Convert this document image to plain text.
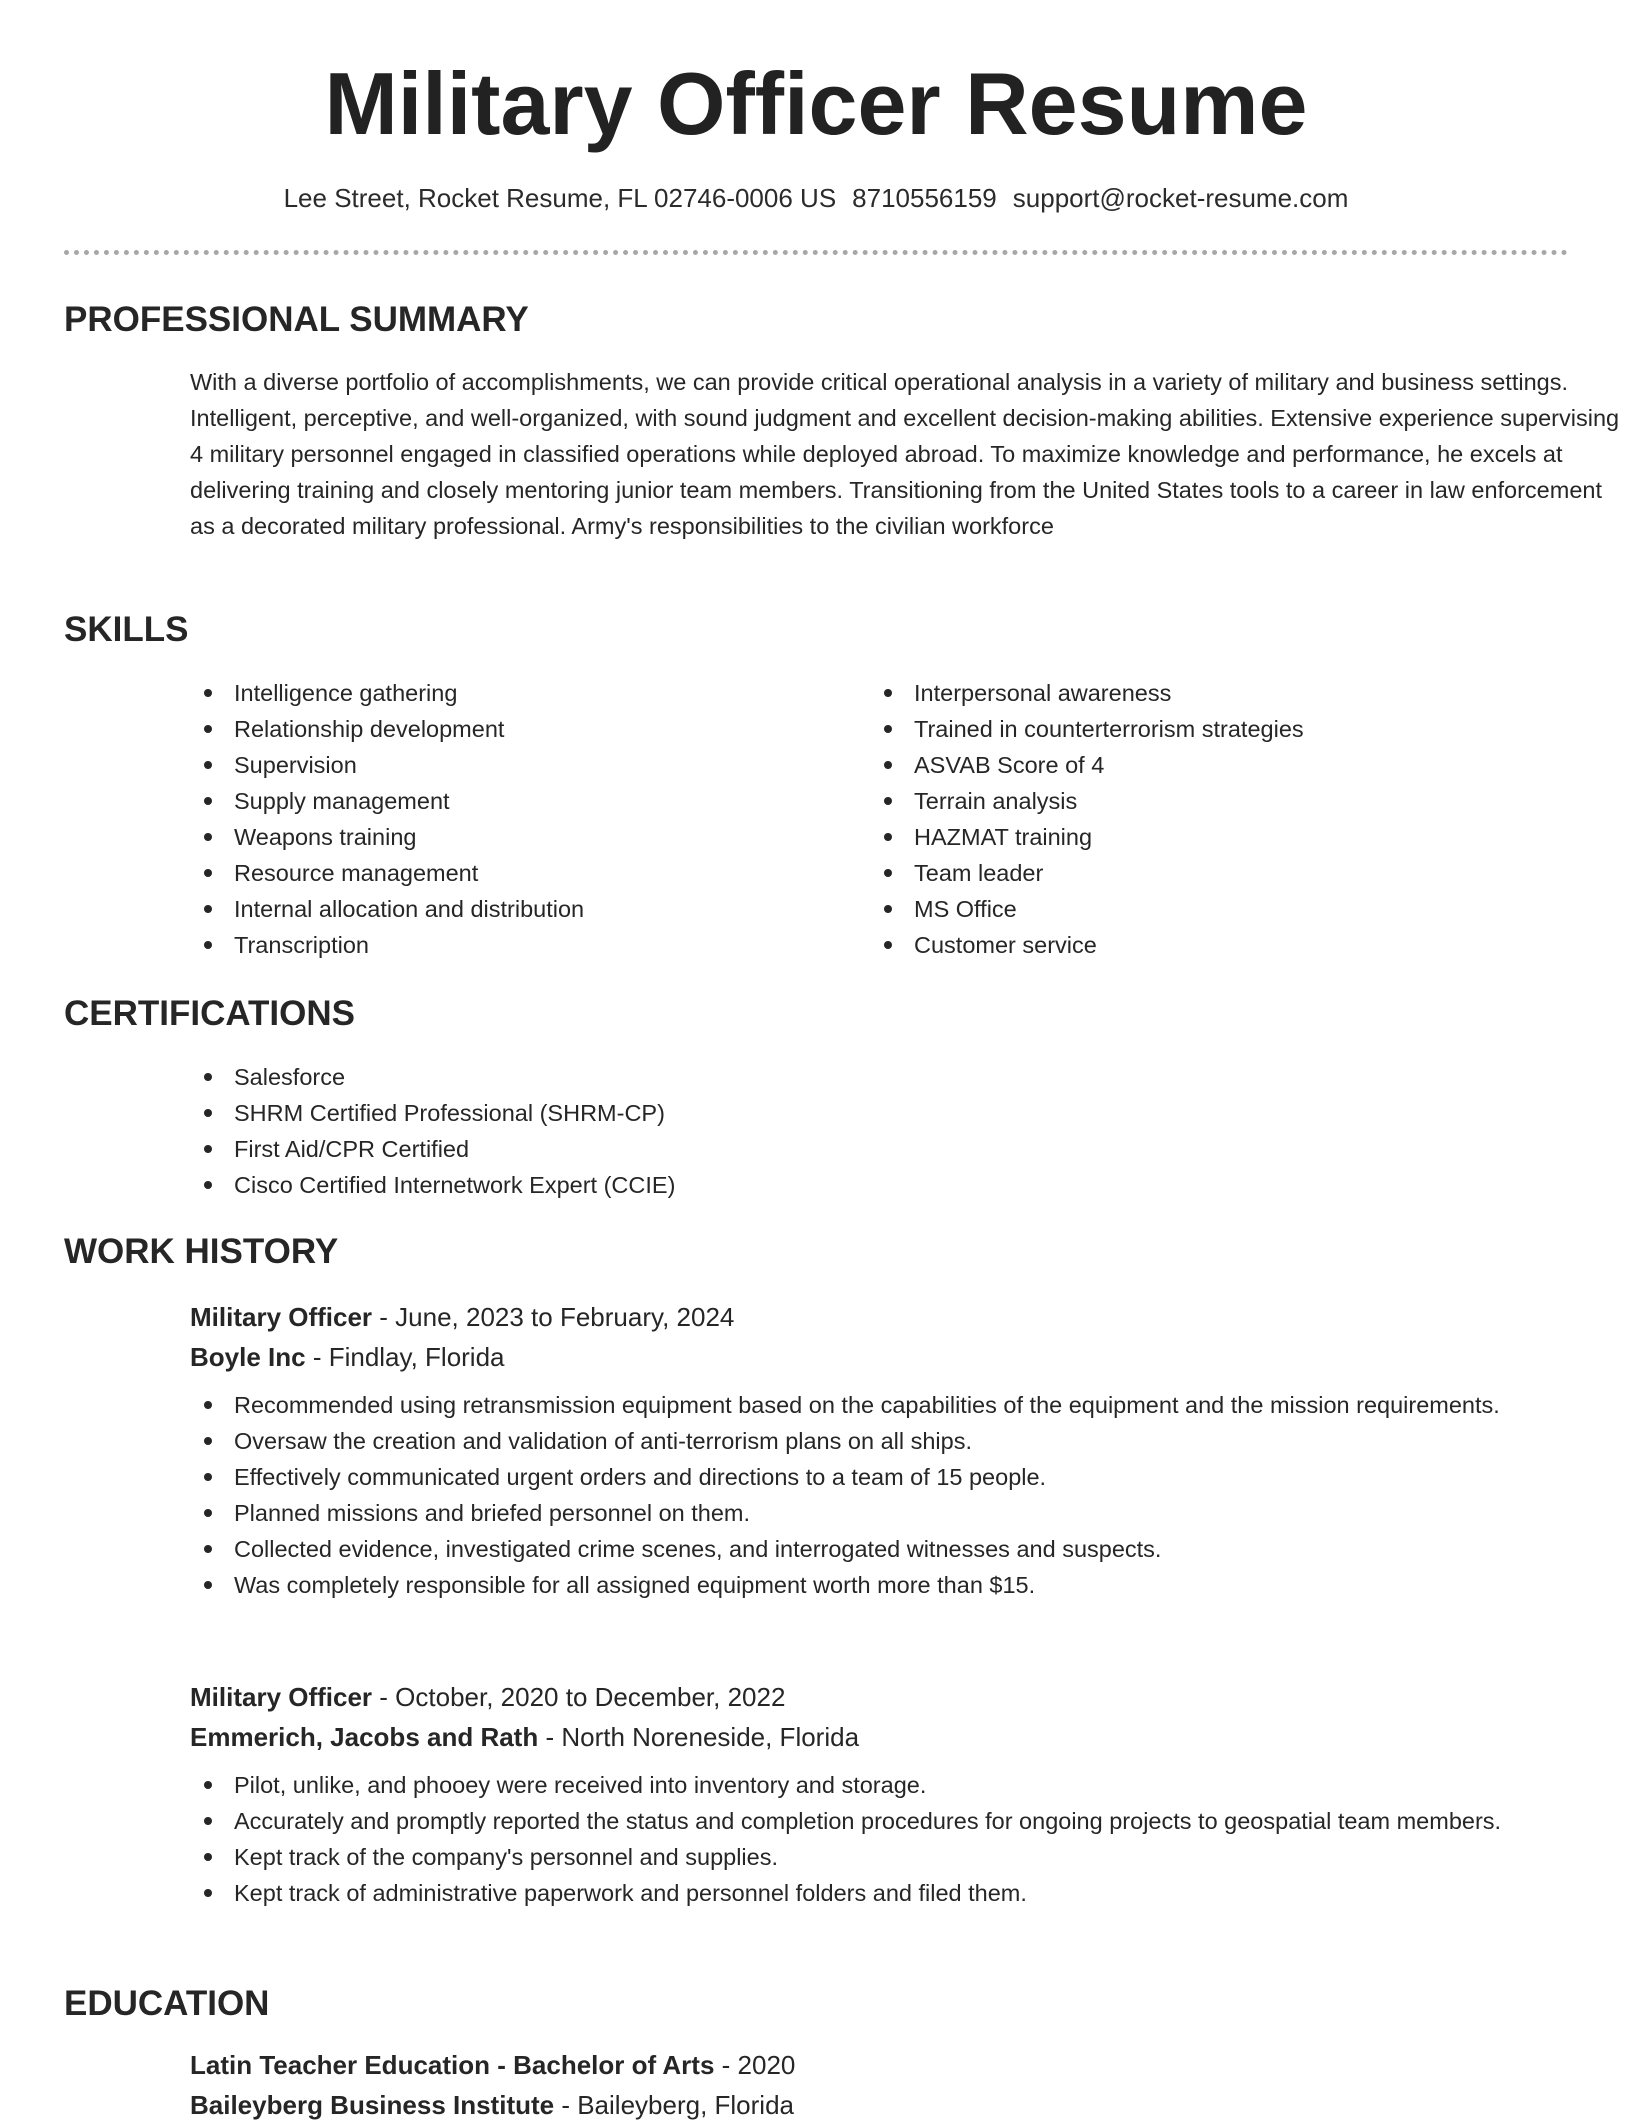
Military Officer Resume
Lee Street, Rocket Resume, FL 02746-0006 US 8710556159 support@rocket-resume.com
PROFESSIONAL SUMMARY

With a diverse portfolio of accomplishments, we can provide critical operational analysis in a variety of military and business settings. Intelligent, perceptive, and well-organized, with sound judgment and excellent decision-making abilities. Extensive experience supervising 4 military personnel engaged in classified operations while deployed abroad. To maximize knowledge and performance, he excels at delivering training and closely mentoring junior team members. Transitioning from the United States tools to a career in law enforcement as a decorated military professional. Army's responsibilities to the civilian workforce

SKILLS
Intelligence gathering
Relationship development
Supervision
Supply management
Weapons training
Resource management
Internal allocation and distribution
Transcription
Interpersonal awareness
Trained in counterterrorism strategies
ASVAB Score of 4
Terrain analysis
HAZMAT training
Team leader
MS Office
Customer service
CERTIFICATIONS
Salesforce
SHRM Certified Professional (SHRM-CP)
First Aid/CPR Certified
Cisco Certified Internetwork Expert (CCIE)
WORK HISTORY
Military Officer - June, 2023 to February, 2024
Boyle Inc - Findlay, Florida
Recommended using retransmission equipment based on the capabilities of the equipment and the mission requirements.
Oversaw the creation and validation of anti-terrorism plans on all ships.
Effectively communicated urgent orders and directions to a team of 15 people.
Planned missions and briefed personnel on them.
Collected evidence, investigated crime scenes, and interrogated witnesses and suspects.
Was completely responsible for all assigned equipment worth more than $15.
Military Officer - October, 2020 to December, 2022
Emmerich, Jacobs and Rath - North Noreneside, Florida
Pilot, unlike, and phooey were received into inventory and storage.
Accurately and promptly reported the status and completion procedures for ongoing projects to geospatial team members.
Kept track of the company's personnel and supplies.
Kept track of administrative paperwork and personnel folders and filed them.
EDUCATION
Latin Teacher Education - Bachelor of Arts - 2020
Baileyberg Business Institute - Baileyberg, Florida
